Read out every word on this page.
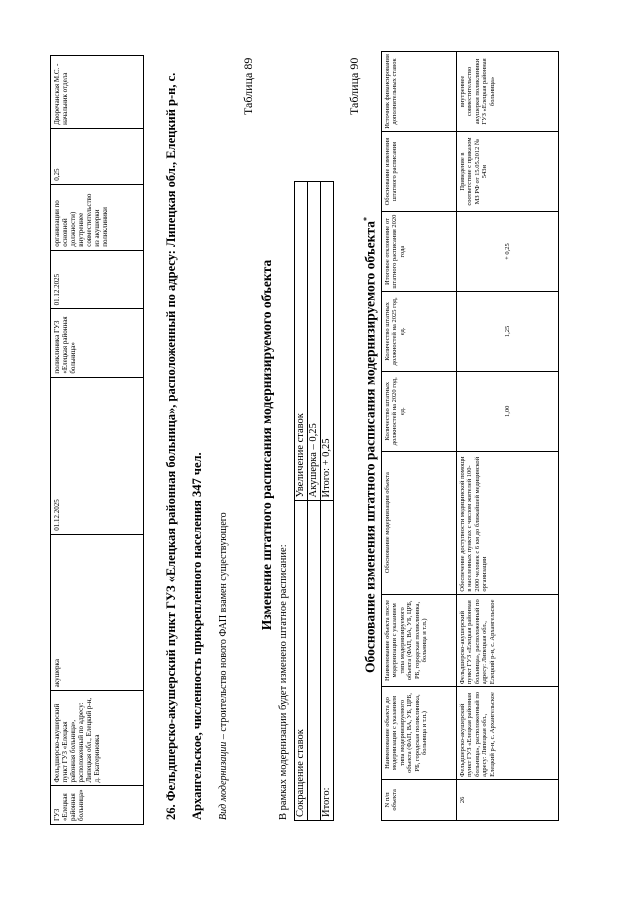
ГУЗ «Елецкая районная больница»	Фельдшерско-акушерский пункт ГУЗ «Елецкая районная больница», расположенный по адресу: Липецкая обл., Елецкий р-н, д. Екатериновка	акушерка	01.12.2025	поликлиника ГУЗ «Елецкая районная больница»	01.12.2025	организации по основной должности) внутреннее совместительство из акушерки поликлиники	0,25	Дворечанская М.С. - начальник отдела	26. Фельдшерско-акушерский пункт ГУЗ «Елецкая районная больница», расположенный по адресу: Липецкая обл., Елецкий р-н, с. Архангельское, численность прикрепленного населения 347 чел.	Вид модернизации – строительство нового ФАП взамен существующего
Таблица 89
Изменение штатного расписания модернизируемого объекта
В рамках модернизации будет изменено штатное расписание: Сокращение ставок	Увеличение ставок
	Акушерка – 0,25
Итого:	Итого: + 0,25
Таблица 90
Обоснование изменения штатного расписания модернизируемого объекта*
N п/п объекта	Наименование объекта до модернизации с указанием типа модернизируемого объекта (ФАП, ВА, УБ, ЦРБ, РБ, городская поликлиника, больница и т.п.)	Наименование объекта после модернизации с указанием типа модернизируемого объекта (ФАП, ВА, УБ, ЦРБ, РБ, городская поликлиника, больница и т.п.)	Обоснование модернизации объекта	Количество штатных должностей на 2020 год, ед.	Количество штатных должностей на 2025 год, ед.	Итоговое отклонение от штатного расписания 2020 года	Обоснование изменения штатного расписания	Источник финансирования дополнительных ставок
26	Фельдшерско-акушерский пункт ГУЗ «Елецкая районная больница», расположенный по адресу: Липецкая обл., Елецкий р-н, с. Архангельское	Фельдшерско-акушерский пункт ГУЗ «Елецкая районная больница», расположенный по адресу: Липецкая обл., Елецкий р-н, с. Архангельское	Обеспечение доступности медицинской помощи в населенных пунктах с числом жителей 100-2000 человек с 6 км до ближайшей медицинской организации	1,00	1,25	+ 0,25	Приведение в соответствие с приказом МЗ РФ от 15.05.2012 № 543н	внутреннее совместительство акушерки поликлиники ГУЗ «Елецкая районная больница»
